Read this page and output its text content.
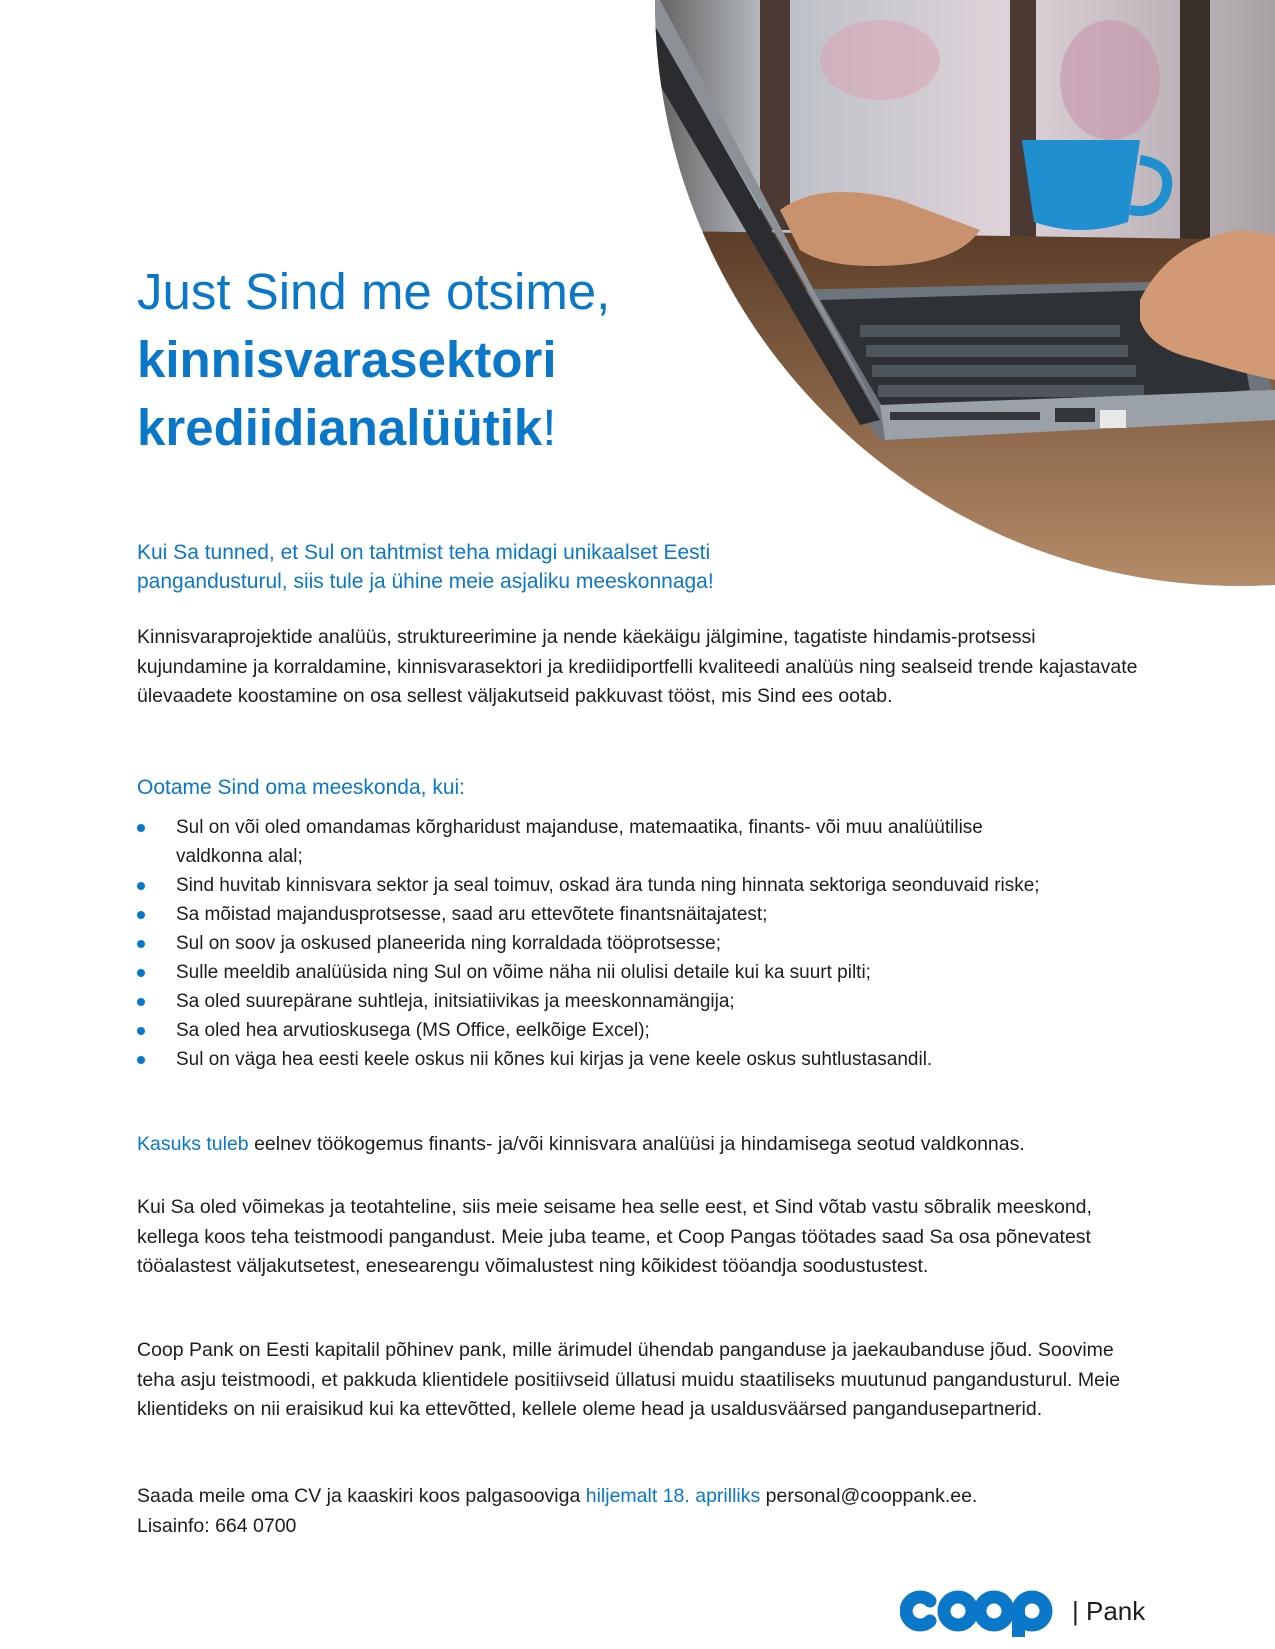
Just Sind me otsime,
kinnisvarasektori
krediidianalüütik!
Kui Sa tunned, et Sul on tahtmist teha midagi unikaalset Eesti
pangandusturul, siis tule ja ühine meie asjaliku meeskonnaga!
Kinnisvaraprojektide analüüs, struktureerimine ja nende käekäigu jälgimine, tagatiste hindamis-protsessi kujundamine ja korraldamine, kinnisvarasektori ja krediidiportfelli kvaliteedi analüüs ning sealseid trende kajastavate ülevaadete koostamine on osa sellest väljakutseid pakkuvast tööst, mis Sind ees ootab.
Ootame Sind oma meeskonda, kui:
Sul on või oled omandamas kõrgharidust majanduse, matemaatika, finants- või muu analüütilise valdkonna alal;
Sind huvitab kinnisvara sektor ja seal toimuv, oskad ära tunda ning hinnata sektoriga seonduvaid riske;
Sa mõistad majandusprotsesse, saad aru ettevõtete finantsnäitajatest;
Sul on soov ja oskused planeerida ning korraldada tööprotsesse;
Sulle meeldib analüüsida ning Sul on võime näha nii olulisi detaile kui ka suurt pilti;
Sa oled suurepärane suhtleja, initsiatiivikas ja meeskonnamängija;
Sa oled hea arvutioskusega (MS Office, eelkõige Excel);
Sul on väga hea eesti keele oskus nii kõnes kui kirjas ja vene keele oskus suhtlustasandil.
Kasuks tuleb eelnev töökogemus finants- ja/või kinnisvara analüüsi ja hindamisega seotud valdkonnas.
Kui Sa oled võimekas ja teotahteline, siis meie seisame hea selle eest, et Sind võtab vastu sõbralik meeskond, kellega koos teha teistmoodi pangandust. Meie juba teame, et Coop Pangas töötades saad Sa osa põnevatest tööalastest väljakutsetest, enesearengu võimalustest ning kõikidest tööandja soodustustest.
Coop Pank on Eesti kapitalil põhinev pank, mille ärimudel ühendab panganduse ja jaekaubanduse jõud. Soovime teha asju teistmoodi, et pakkuda klientidele positiivseid üllatusi muidu staatiliseks muutunud pangandusturul. Meie klientideks on nii eraisikud kui ka ettevõtted, kellele oleme head ja usaldusväärsed pangandusepartnerid.
Saada meile oma CV ja kaaskiri koos palgasooviga hiljemalt 18. aprilliks personal@cooppank.ee.
Lisainfo: 664 0700
| Pank
